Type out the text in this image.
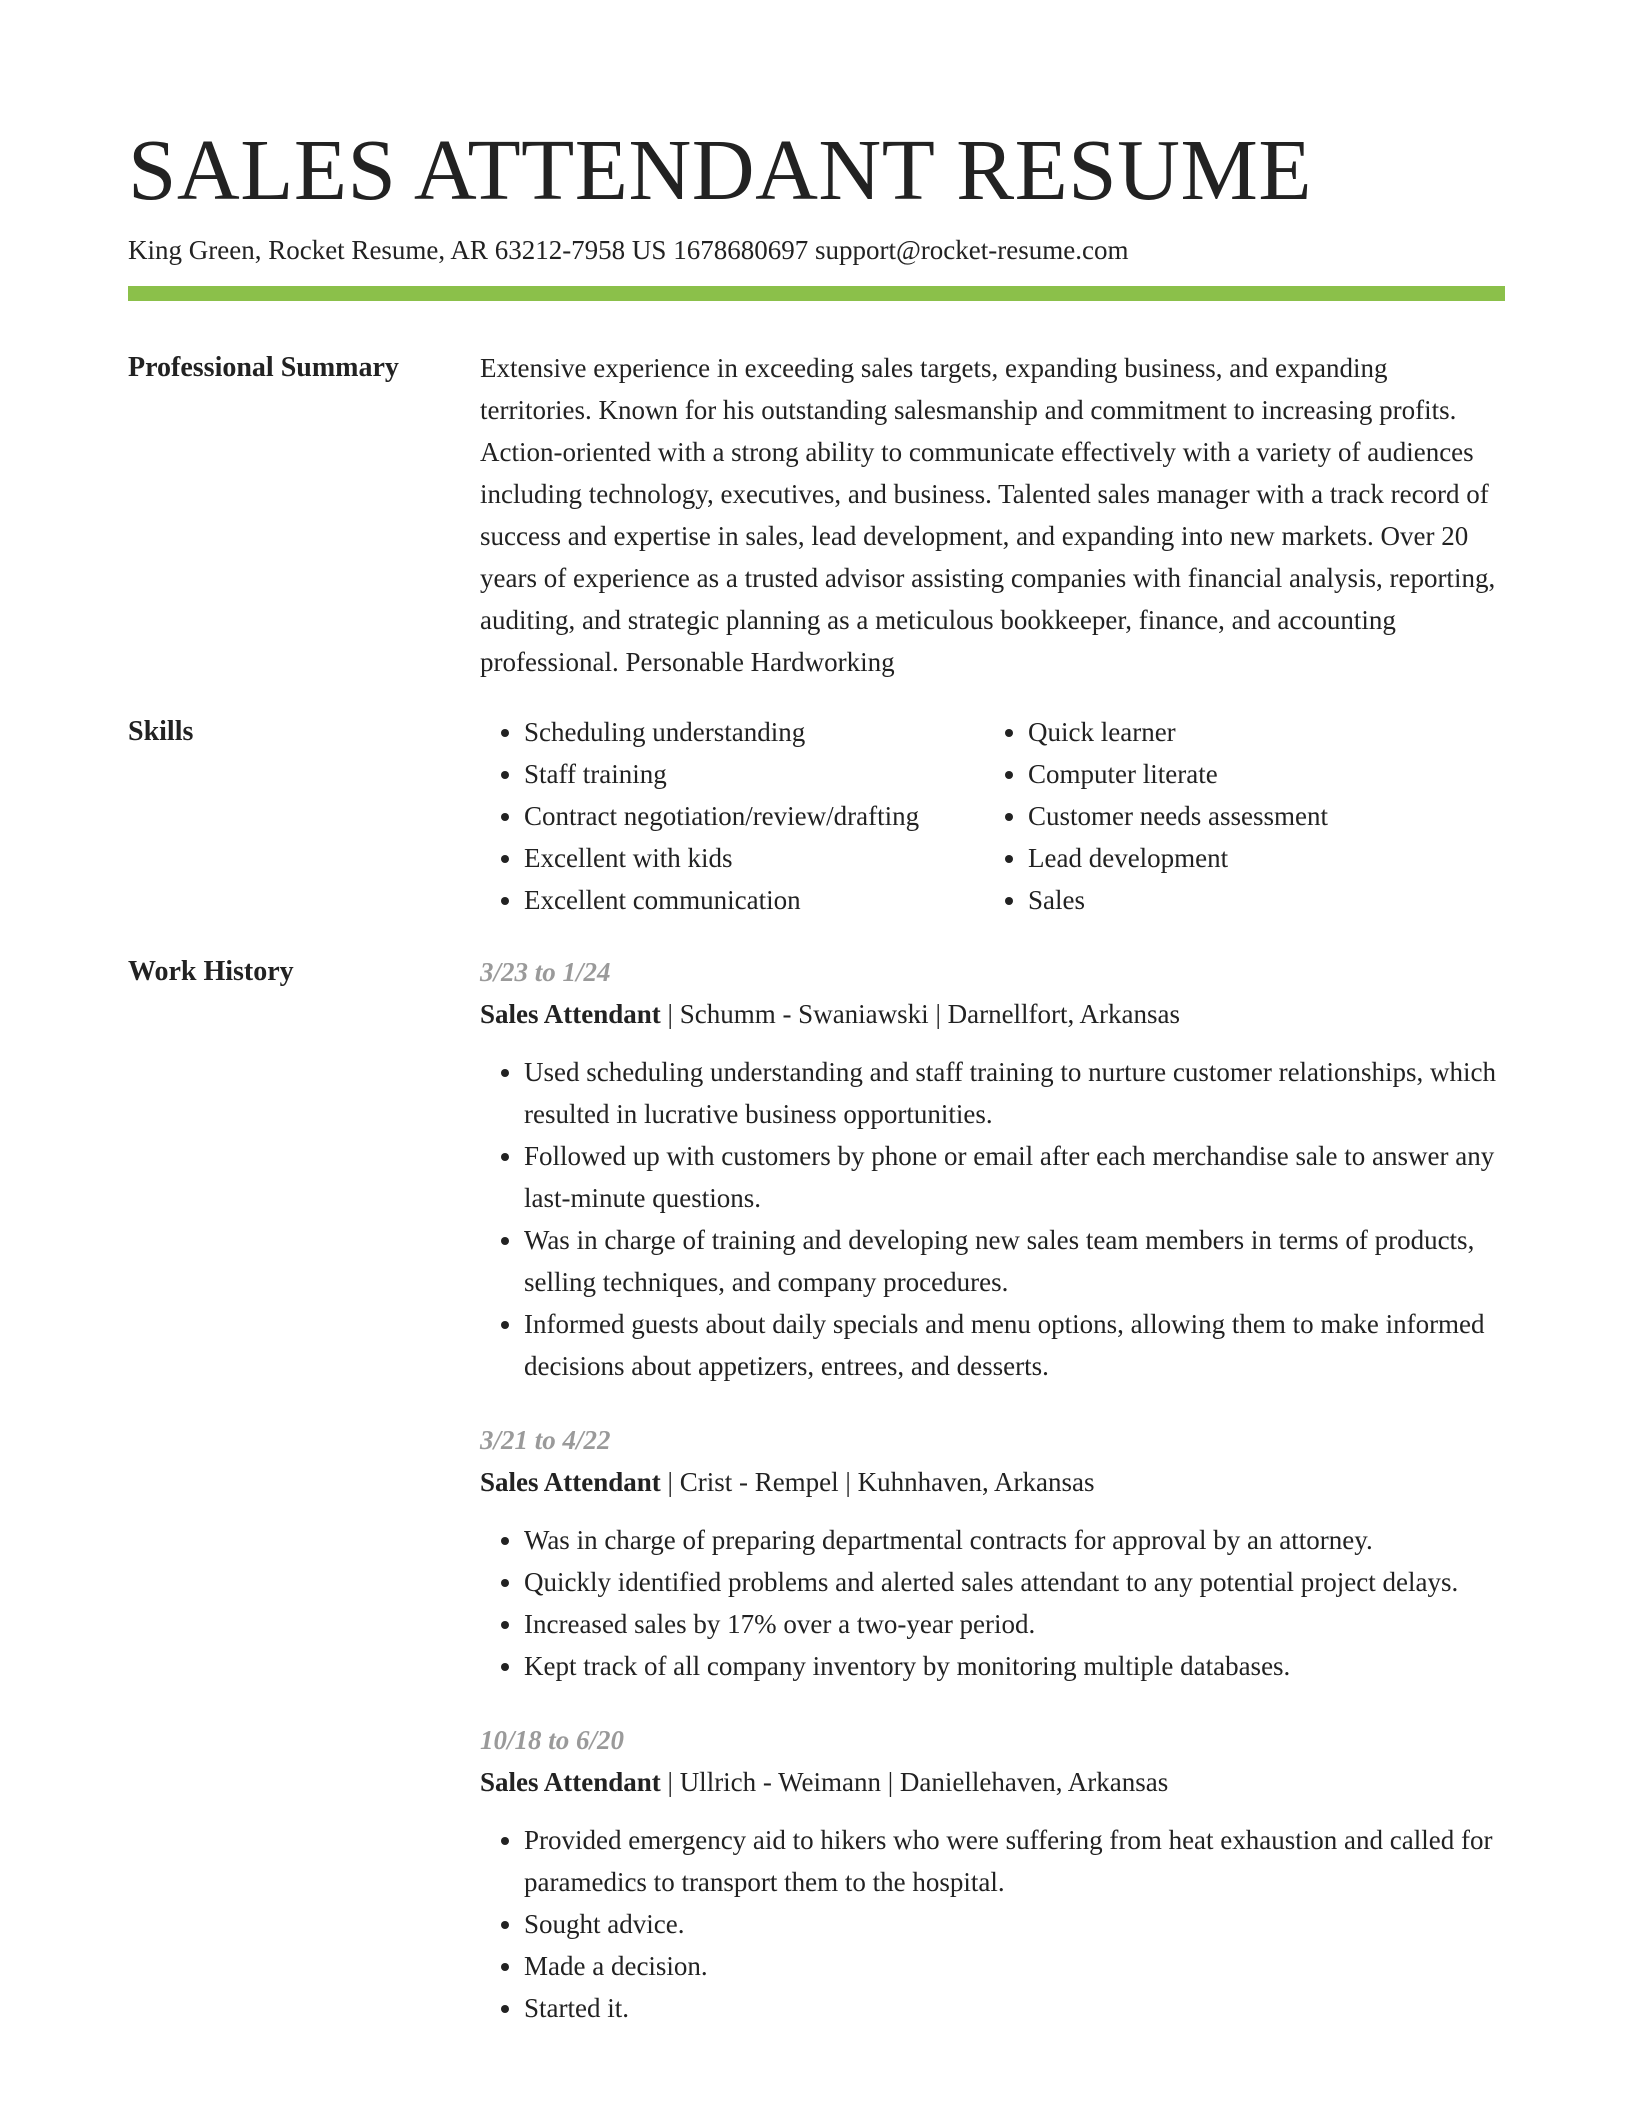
SALES ATTENDANT RESUME
King Green, Rocket Resume, AR 63212-7958 US 1678680697 support@rocket-resume.com
Professional Summary	Extensive experience in exceeding sales targets, expanding business, and expanding territories. Known for his outstanding salesmanship and commitment to increasing profits. Action-oriented with a strong ability to communicate effectively with a variety of audiences including technology, executives, and business. Talented sales manager with a track record of success and expertise in sales, lead development, and expanding into new markets. Over 20 years of experience as a trusted advisor assisting companies with financial analysis, reporting, auditing, and strategic planning as a meticulous bookkeeper, finance, and accounting professional. Personable Hardworking

Skills
•	Scheduling understanding
• Staff training
• Contract negotiation/review/drafting
• Excellent with kids
• Excellent communication
• Quick learner
• Computer literate
• Customer needs assessment
• Lead development
• Sales
Work History	3/23 to 1/24
Sales Attendant | Schumm - Swaniawski | Darnellfort, Arkansas
• Used scheduling understanding and staff training to nurture customer relationships, which resulted in lucrative business opportunities.
• Followed up with customers by phone or email after each merchandise sale to answer any last-minute questions.
• Was in charge of training and developing new sales team members in terms of products, selling techniques, and company procedures.
• Informed guests about daily specials and menu options, allowing them to make informed decisions about appetizers, entrees, and desserts.
3/21 to 4/22
Sales Attendant | Crist - Rempel | Kuhnhaven, Arkansas
• Was in charge of preparing departmental contracts for approval by an attorney.
• Quickly identified problems and alerted sales attendant to any potential project delays.
• Increased sales by 17% over a two-year period.
• Kept track of all company inventory by monitoring multiple databases.
10/18 to 6/20
Sales Attendant | Ullrich - Weimann | Daniellehaven, Arkansas
• Provided emergency aid to hikers who were suffering from heat exhaustion and called for paramedics to transport them to the hospital.
• Sought advice.
• Made a decision.
• Started it.
